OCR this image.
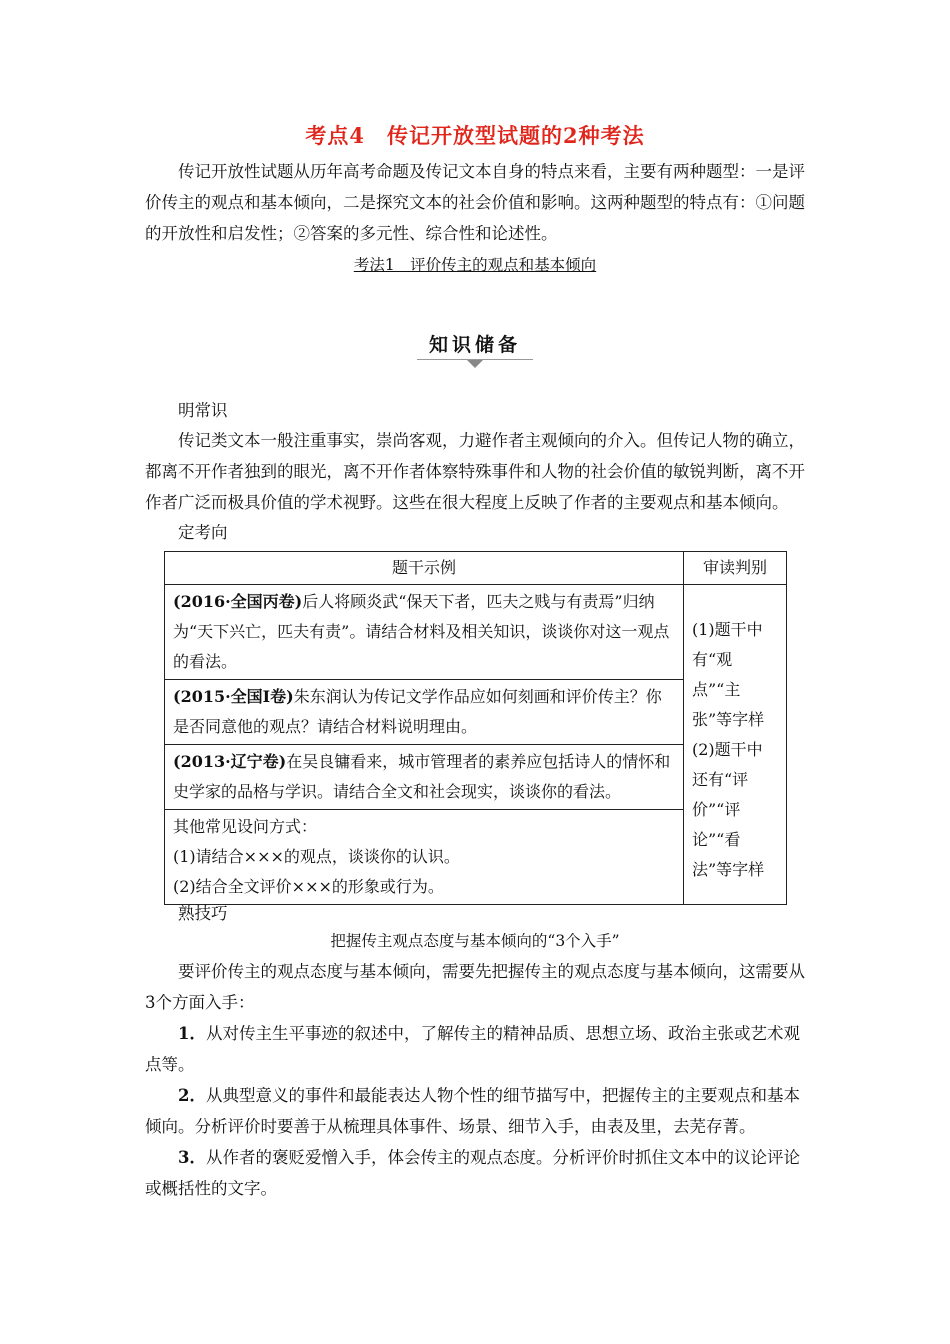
考点4　传记开放型试题的2种考法
传记开放性试题从历年高考命题及传记文本自身的特点来看，主要有两种题型：一是评价传主的观点和基本倾向，二是探究文本的社会价值和影响。这两种题型的特点有：①问题的开放性和启发性；②答案的多元性、综合性和论述性。
考法1　评价传主的观点和基本倾向
知识储备
明常识
传记类文本一般注重事实，崇尚客观，力避作者主观倾向的介入。但传记人物的确立，都离不开作者独到的眼光，离不开作者体察特殊事件和人物的社会价值的敏锐判断，离不开作者广泛而极具价值的学术视野。这些在很大程度上反映了作者的主要观点和基本倾向。
定考向
题干示例	审读判别
(2016·全国丙卷)后人将顾炎武“保天下者，匹夫之贱与有责焉”归纳为“天下兴亡，匹夫有责”。请结合材料及相关知识，谈谈你对这一观点的看法。	(1)题干中有“观点”“主张”等字样　(2)题干中还有“评价”“评论”“看法”等字样
(2015·全国Ⅰ卷)朱东润认为传记文学作品应如何刻画和评价传主？你是否同意他的观点？请结合材料说明理由。	
(2013·辽宁卷)在吴良镛看来，城市管理者的素养应包括诗人的情怀和史学家的品格与学识。请结合全文和社会现实，谈谈你的看法。	

其他常见设问方式：
(1)请结合×××的观点，谈谈你的认识。
(2)结合全文评价×××的形象或行为。	
熟技巧
把握传主观点态度与基本倾向的“3个入手”
要评价传主的观点态度与基本倾向，需要先把握传主的观点态度与基本倾向，这需要从3个方面入手：
1．从对传主生平事迹的叙述中，了解传主的精神品质、思想立场、政治主张或艺术观点等。
2．从典型意义的事件和最能表达人物个性的细节描写中，把握传主的主要观点和基本倾向。分析评价时要善于从梳理具体事件、场景、细节入手，由表及里，去芜存菁。
3．从作者的褒贬爱憎入手，体会传主的观点态度。分析评价时抓住文本中的议论评论或概括性的文字。
